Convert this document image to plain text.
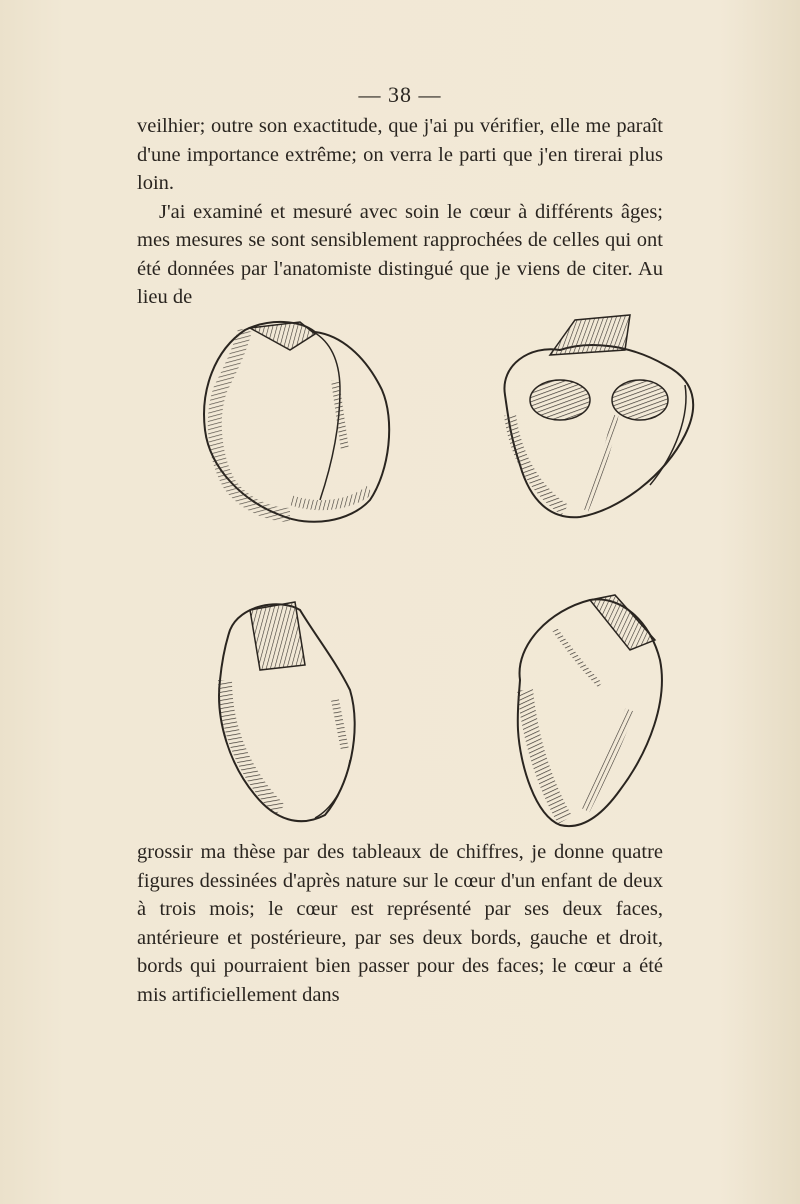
— 38 —

veilhier; outre son exactitude, que j'ai pu vérifier, elle me paraît d'une importance extrême; on verra le parti que j'en tirerai plus loin.

J'ai examiné et mesuré avec soin le cœur à différents âges; mes mesures se sont sensiblement rapprochées de celles qui ont été données par l'anatomiste distingué que je viens de citer. Au lieu de

grossir ma thèse par des tableaux de chiffres, je donne quatre figures dessinées d'après nature sur le cœur d'un enfant de deux à trois mois; le cœur est représenté par ses deux faces, antérieure et postérieure, par ses deux bords, gauche et droit, bords qui pourraient bien passer pour des faces; le cœur a été mis artificiellement dans
